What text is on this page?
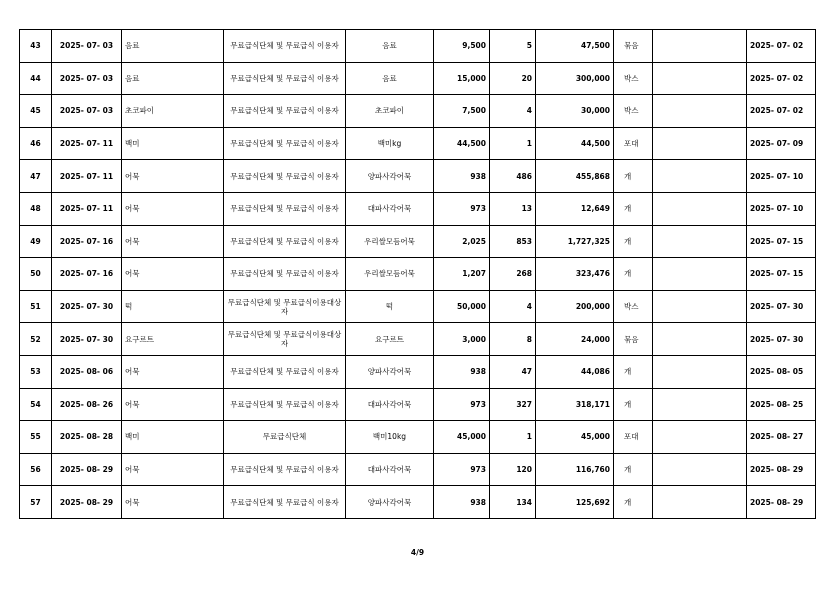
43	2025- 07- 03	음료	무료급식단체 및 무료급식 이용자	음료	9,500	5	47,500	묶음		2025- 07- 02
44	2025- 07- 03	음료	무료급식단체 및 무료급식 이용자	음료	15,000	20	300,000	박스		2025- 07- 02
45	2025- 07- 03	초코파이	무료급식단체 및 무료급식 이용자	초코파이	7,500	4	30,000	박스		2025- 07- 02
46	2025- 07- 11	백미	무료급식단체 및 무료급식 이용자	백미kg	44,500	1	44,500	포대		2025- 07- 09
47	2025- 07- 11	어묵	무료급식단체 및 무료급식 이용자	양파사각어묵	938	486	455,868	개		2025- 07- 10
48	2025- 07- 11	어묵	무료급식단체 및 무료급식 이용자	대파사각어묵	973	13	12,649	개		2025- 07- 10
49	2025- 07- 16	어묵	무료급식단체 및 무료급식 이용자	우리쌀모듬어묵	2,025	853	1,727,325	개		2025- 07- 15
50	2025- 07- 16	어묵	무료급식단체 및 무료급식 이용자	우리쌀모듬어묵	1,207	268	323,476	개		2025- 07- 15
51	2025- 07- 30	떡	무료급식단체 및 무료급식이용대상자	떡	50,000	4	200,000	박스		2025- 07- 30
52	2025- 07- 30	요구르트	무료급식단체 및 무료급식이용대상자	요구르트	3,000	8	24,000	묶음		2025- 07- 30
53	2025- 08- 06	어묵	무료급식단체 및 무료급식 이용자	양파사각어묵	938	47	44,086	개		2025- 08- 05
54	2025- 08- 26	어묵	무료급식단체 및 무료급식 이용자	대파사각어묵	973	327	318,171	개		2025- 08- 25
55	2025- 08- 28	백미	무료급식단체	백미10kg	45,000	1	45,000	포대		2025- 08- 27
56	2025- 08- 29	어묵	무료급식단체 및 무료급식 이용자	대파사각어묵	973	120	116,760	개		2025- 08- 29
57	2025- 08- 29	어묵	무료급식단체 및 무료급식 이용자	양파사각어묵	938	134	125,692	개		2025- 08- 29
4/9
